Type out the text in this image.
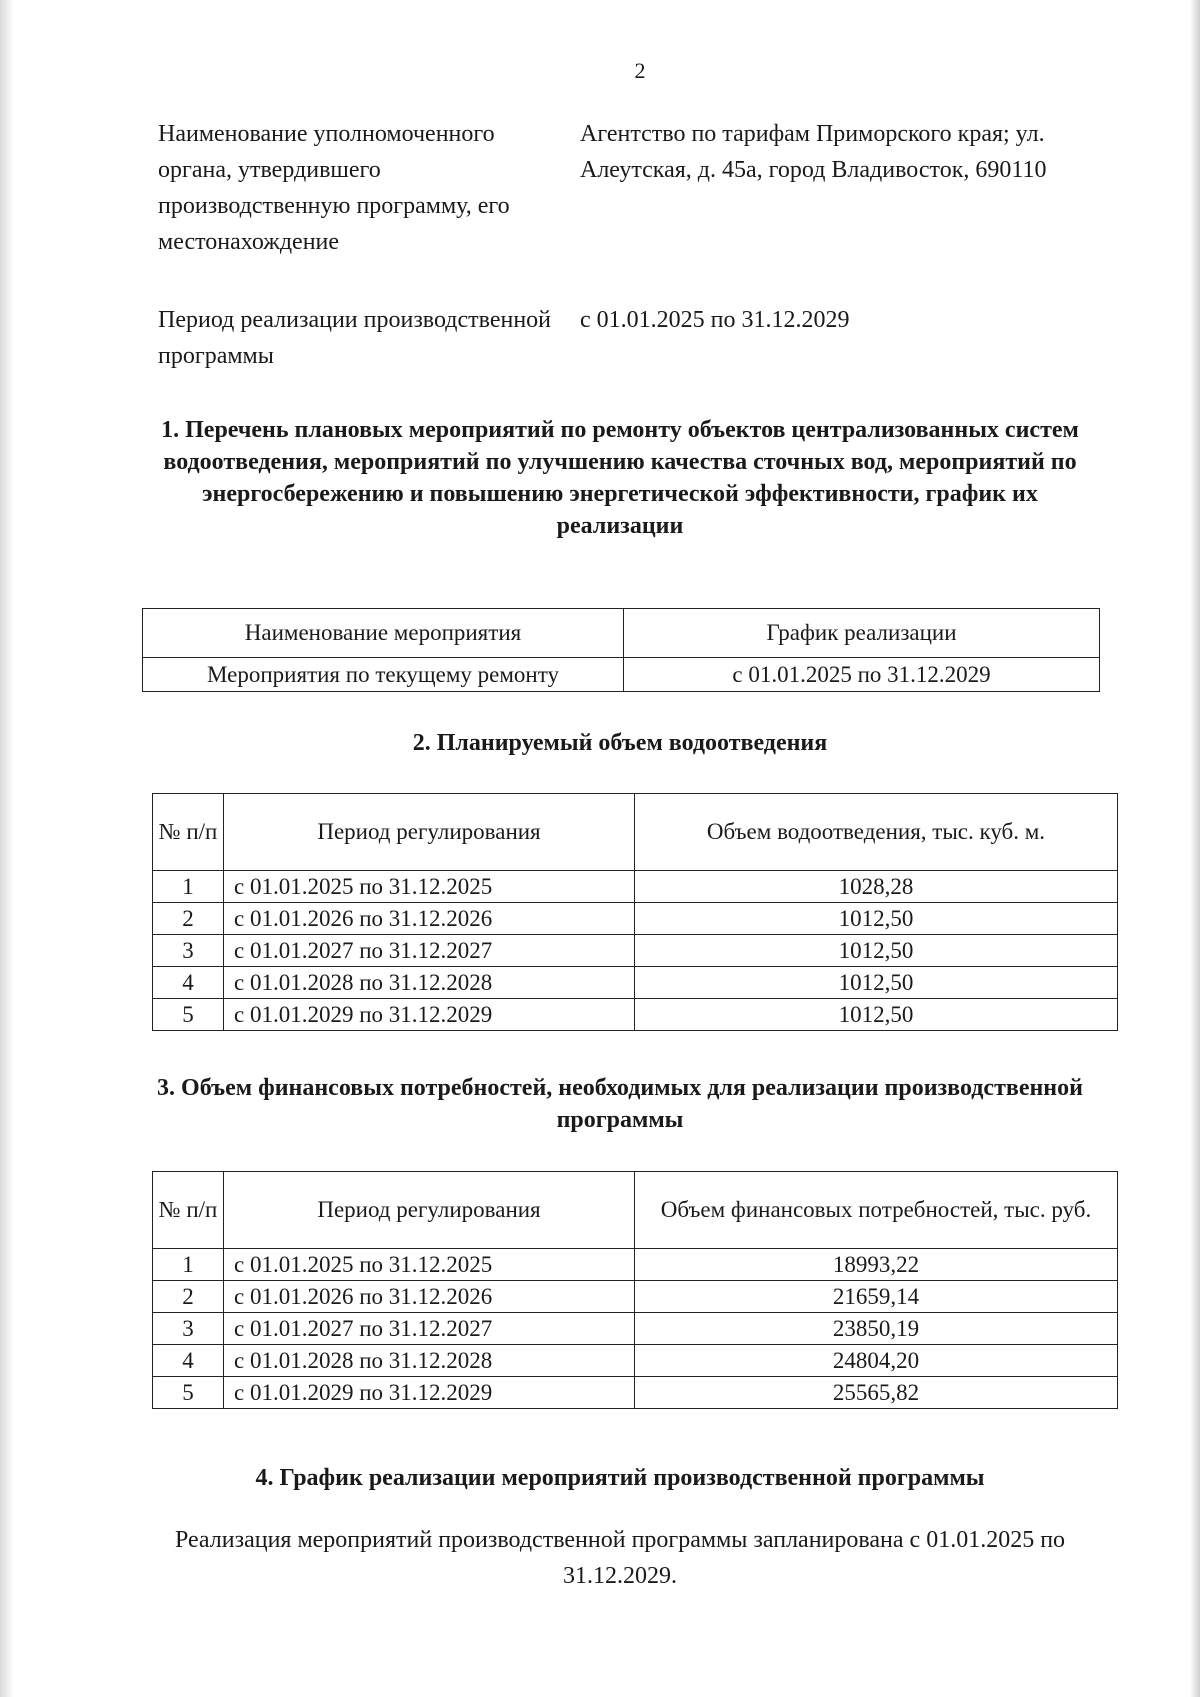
2
Наименование уполномоченного органа, утвердившего производственную программу, его местонахождение
Агентство по тарифам Приморского края; ул. Алеутская, д. 45а, город Владивосток, 690110
Период реализации производственной программы
с 01.01.2025 по 31.12.2029
1. Перечень плановых мероприятий по ремонту объектов централизованных систем водоотведения, мероприятий по улучшению качества сточных вод, мероприятий по энергосбережению и повышению энергетической эффективности, график их реализации
Наименование мероприятия	График реализации
Мероприятия по текущему ремонту	с 01.01.2025 по 31.12.2029
2. Планируемый объем водоотведения
№ п/п	Период регулирования	Объем водоотведения, тыс. куб. м.
1	с 01.01.2025 по 31.12.2025	1028,28
2	с 01.01.2026 по 31.12.2026	1012,50
3	с 01.01.2027 по 31.12.2027	1012,50
4	с 01.01.2028 по 31.12.2028	1012,50
5	с 01.01.2029 по 31.12.2029	1012,50
3. Объем финансовых потребностей, необходимых для реализации производственной программы
№ п/п	Период регулирования	Объем финансовых потребностей, тыс. руб.
1	с 01.01.2025 по 31.12.2025	18993,22
2	с 01.01.2026 по 31.12.2026	21659,14
3	с 01.01.2027 по 31.12.2027	23850,19
4	с 01.01.2028 по 31.12.2028	24804,20
5	с 01.01.2029 по 31.12.2029	25565,82
4. График реализации мероприятий производственной программы
Реализация мероприятий производственной программы запланирована с 01.01.2025 по 31.12.2029.
